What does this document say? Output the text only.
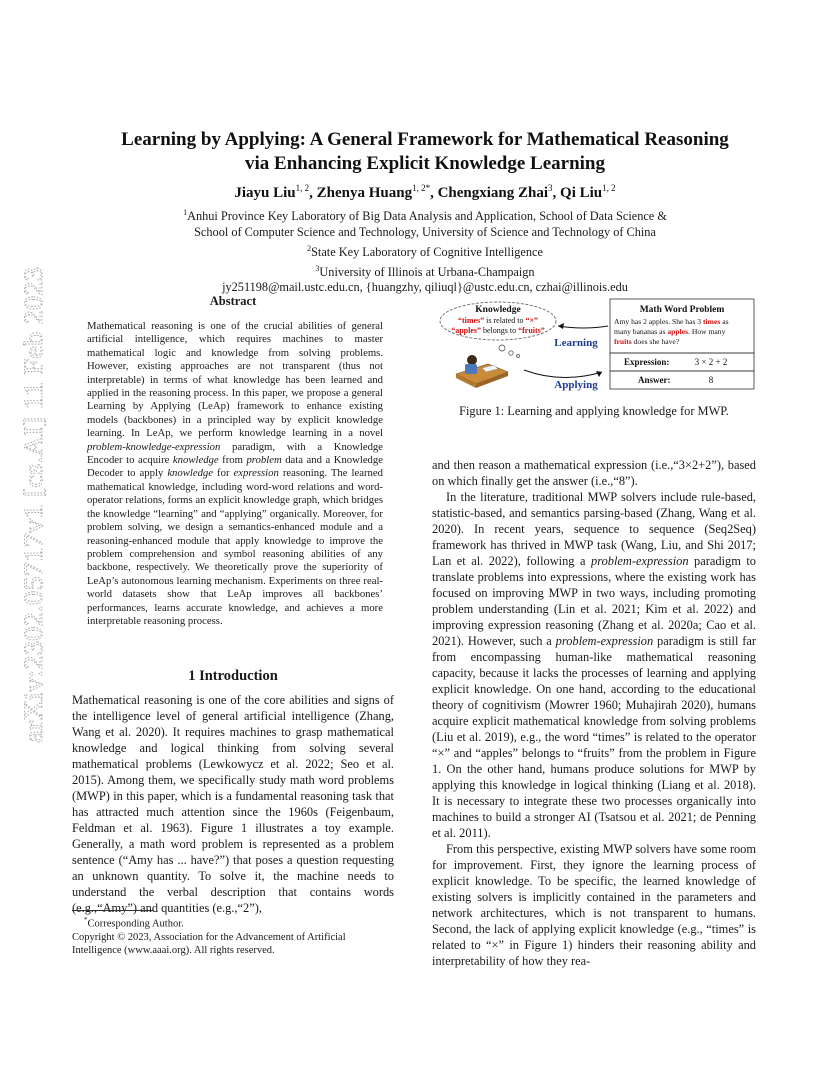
arXiv:2302.05717v1 [cs.AI] 11 Feb 2023
Learning by Applying: A General Framework for Mathematical Reasoning
via Enhancing Explicit Knowledge Learning
Jiayu Liu$^{1, 2}$, Zhenya Huang$^{1, 2*}$, Chengxiang Zhai$^3$, Qi Liu$^{1, 2}$
$^1$Anhui Province Key Laboratory of Big Data Analysis and Application, School of Data Science &
School of Computer Science and Technology, University of Science and Technology of China
$^2$State Key Laboratory of Cognitive Intelligence
$^3$University of Illinois at Urbana-Champaign
jy251198@mail.ustc.edu.cn, {huangzhy, qiliuql}@ustc.edu.cn, czhai@illinois.edu
Abstract
Mathematical reasoning is one of the crucial abilities of general artificial intelligence, which requires machines to master mathematical logic and knowledge from solving problems. However, existing approaches are not transparent (thus not interpretable) in terms of what knowledge has been learned and applied in the reasoning process. In this paper, we propose a general Learning by Applying (LeAp) framework to enhance existing models (backbones) in a principled way by explicit knowledge learning. In LeAp, we perform knowledge learning in a novel problem-knowledge-expression paradigm, with a Knowledge Encoder to acquire knowledge from problem data and a Knowledge Decoder to apply knowledge for expression reasoning. The learned mathematical knowledge, including word-word relations and word-operator relations, forms an explicit knowledge graph, which bridges the knowledge “learning” and “applying” organically. Moreover, for problem solving, we design a semantics-enhanced module and a reasoning-enhanced module that apply knowledge to improve the problem comprehension and symbol reasoning abilities of any backbone, respectively. We theoretically prove the superiority of LeAp’s autonomous learning mechanism. Experiments on three real-world datasets show that LeAp improves all backbones’ performances, learns accurate knowledge, and achieves a more interpretable reasoning process.
1 Introduction
Mathematical reasoning is one of the core abilities and signs of the intelligence level of general artificial intelligence (Zhang, Wang et al. 2020). It requires machines to grasp mathematical knowledge and logical thinking from solving several mathematical problems (Lewkowycz et al. 2022; Seo et al. 2015). Among them, we specifically study math word problems (MWP) in this paper, which is a fundamental reasoning task that has attracted much attention since the 1960s (Feigenbaum, Feldman et al. 1963). Figure 1 illustrates a toy example. Generally, a math word problem is represented as a problem sentence (“Amy has ... have?”) that poses a question requesting an unknown quantity. To solve it, the machine needs to understand the verbal description that contains words (e.g.,“Amy”) and quantities (e.g.,“2”),
*Corresponding Author.
Copyright © 2023, Association for the Advancement of Artificial Intelligence (www.aaai.org). All rights reserved.
Knowledge
“times” is related to “×”
“apples” belongs to “fruits”
Learning
Applying
Math Word Problem
Amy has 2 apples. She has 3 times as
many bananas as apples. How many
fruits does she have?
Expression:	3 × 2 + 2
Answer:	8
Figure 1: Learning and applying knowledge for MWP.

and then reason a mathematical expression (i.e.,“3×2+2”), based on which finally get the answer (i.e.,“8”).

In the literature, traditional MWP solvers include rule-based, statistic-based, and semantics parsing-based (Zhang, Wang et al. 2020). In recent years, sequence to sequence (Seq2Seq) framework has thrived in MWP task (Wang, Liu, and Shi 2017; Lan et al. 2022), following a problem-expression paradigm to translate problems into expressions, where the existing work has focused on improving MWP in two ways, including promoting problem understanding (Lin et al. 2021; Kim et al. 2022) and improving expression reasoning (Zhang et al. 2020a; Cao et al. 2021). However, such a problem-expression paradigm is still far from encompassing human-like mathematical reasoning capacity, because it lacks the processes of learning and applying explicit knowledge. On one hand, according to the educational theory of cognitivism (Mowrer 1960; Muhajirah 2020), humans acquire explicit mathematical knowledge from solving problems (Liu et al. 2019), e.g., the word “times” is related to the operator “×” and “apples” belongs to “fruits” from the problem in Figure 1. On the other hand, humans produce solutions for MWP by applying this knowledge in logical thinking (Liang et al. 2018). It is necessary to integrate these two processes organically into machines to build a stronger AI (Tsatsou et al. 2021; de Penning et al. 2011).

From this perspective, existing MWP solvers have some room for improvement. First, they ignore the learning process of explicit knowledge. To be specific, the learned knowledge of existing solvers is implicitly contained in the parameters and network architectures, which is not transparent to humans. Second, the lack of applying explicit knowledge (e.g., “times” is related to “×” in Figure 1) hinders their reasoning ability and interpretability of how they rea-
